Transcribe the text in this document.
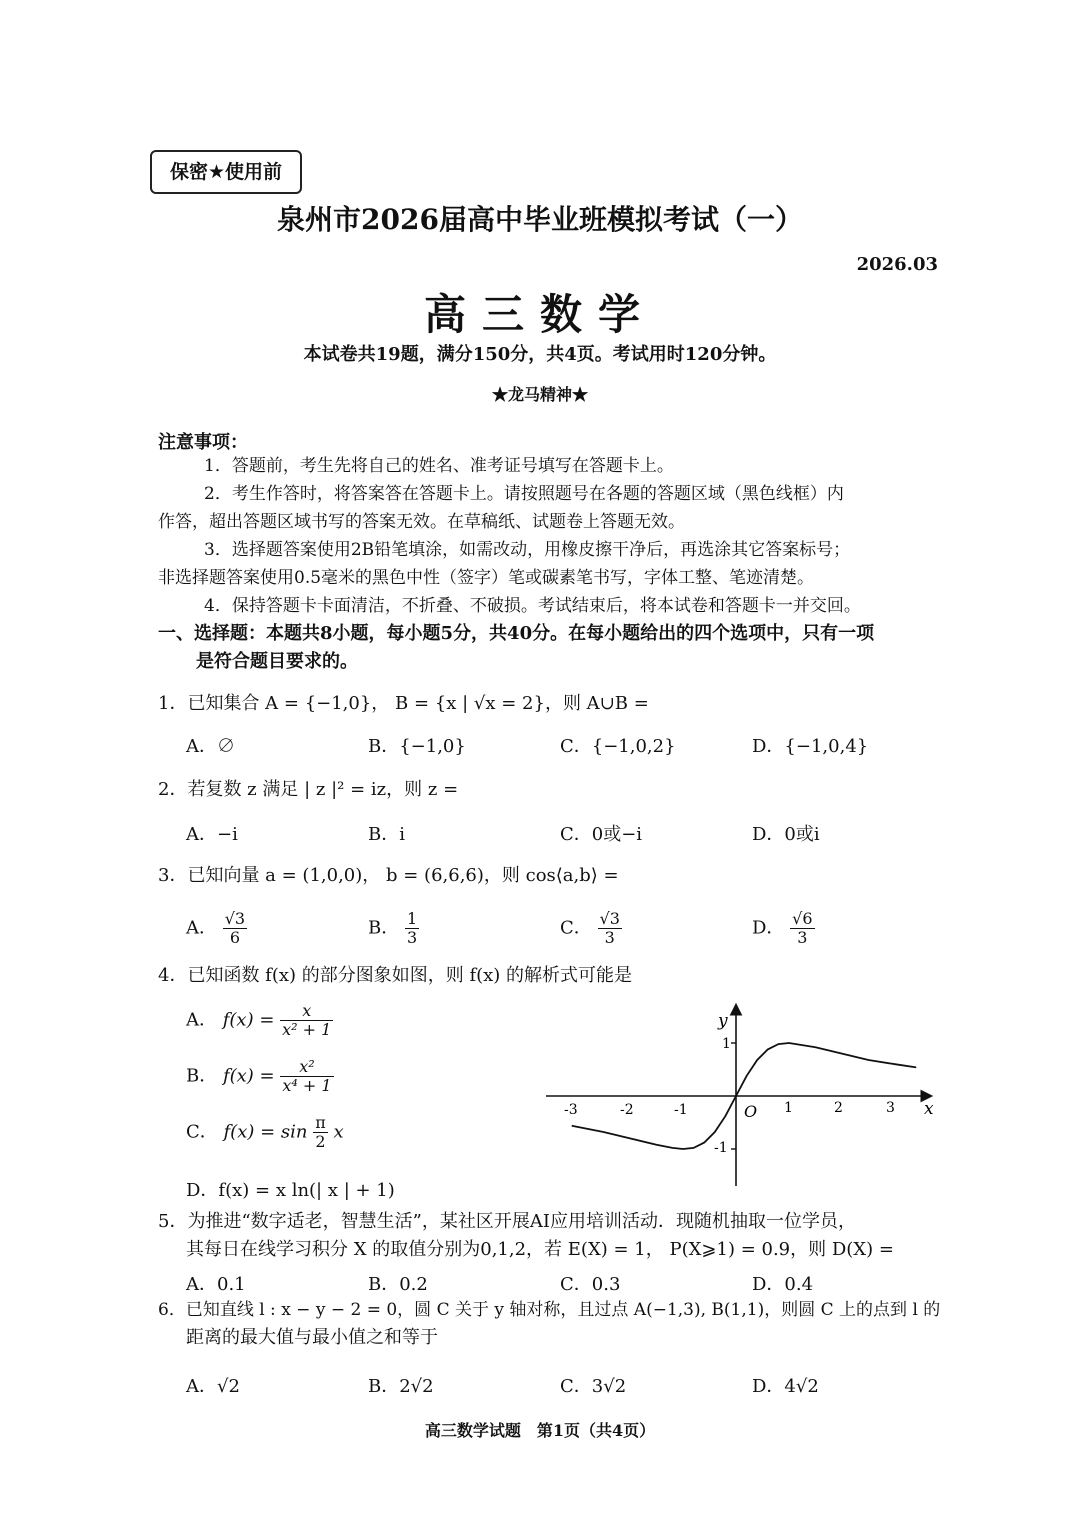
保密★使用前
泉州市2026届高中毕业班模拟考试（一）
2026.03
高三数学
本试卷共19题，满分150分，共4页。考试用时120分钟。
★龙马精神★
注意事项：
1．答题前，考生先将自己的姓名、准考证号填写在答题卡上。
2．考生作答时，将答案答在答题卡上。请按照题号在各题的答题区域（黑色线框）内
作答，超出答题区域书写的答案无效。在草稿纸、试题卷上答题无效。
3．选择题答案使用2B铅笔填涂，如需改动，用橡皮擦干净后，再选涂其它答案标号；
非选择题答案使用0.5毫米的黑色中性（签字）笔或碳素笔书写，字体工整、笔迹清楚。
4．保持答题卡卡面清洁，不折叠、不破损。考试结束后，将本试卷和答题卡一并交回。
一、选择题：本题共8小题，每小题5分，共40分。在每小题给出的四个选项中，只有一项
是符合题目要求的。
1．已知集合 A = {−1,0}， B = {x | √x = 2}，则 A∪B =
A．∅	B．{−1,0}	C．{−1,0,2}	D．{−1,0,4}
2．若复数 z 满足 | z |² = iz，则 z =
A．−i	B．i	C．0或−i	D．0或i
3．已知向量 a = (1,0,0)， b = (6,6,6)，则 cos⟨a,b⟩ =
A． $\frac{√3}{6}$	B． $\frac{1}{3}$	C． $\frac{√3}{3}$	D． $\frac{√6}{3}$
4．已知函数 f(x) 的部分图象如图，则 f(x) 的解析式可能是
A． $f(x) = \frac{x}{\text{x² + 1}}$
B． $f(x) = \frac{\text{x²}}{\text{x⁴ + 1}}$
C． $f(x) = \sin \frac{\pi}{2}$ x
D．f(x) = x ln(| x | + 1)
x
y
O
-3	-2	-1	1	2	3
1
-1
5．为推进“数字适老，智慧生活”，某社区开展AI应用培训活动．现随机抽取一位学员，
其每日在线学习积分 X 的取值分别为0,1,2，若 E(X) = 1， P(X⩾1) = 0.9，则 D(X) =
A．0.1	B．0.2	C．0.3	D．0.4
6．已知直线 l : x − y − 2 = 0，圆 C 关于 y 轴对称，且过点 A(−1,3), B(1,1)，则圆 C 上的点到 l 的
距离的最大值与最小值之和等于
A．√2	B．2√2	C．3√2	D．4√2
高三数学试题　第1页（共4页）
